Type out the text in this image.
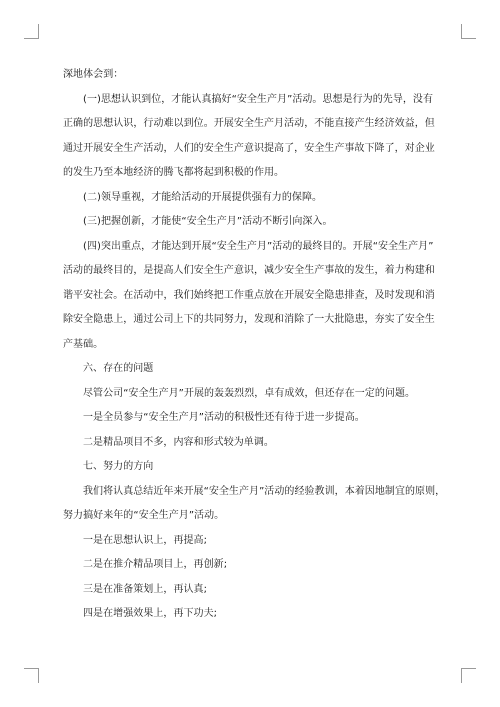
深地体会到：

(一)思想认识到位，才能认真搞好“安全生产月”活动。思想是行为的先导，没有

正确的思想认识，行动难以到位。开展安全生产月活动，不能直接产生经济效益，但

通过开展安全生产活动，人们的安全生产意识提高了，安全生产事故下降了，对企业

的发生乃至本地经济的腾飞都将起到积极的作用。

(二)领导重视，才能给活动的开展提供强有力的保障。

(三)把握创新，才能使“安全生产月”活动不断引向深入。

(四)突出重点，才能达到开展“安全生产月”活动的最终目的。开展“安全生产月”

活动的最终目的，是提高人们安全生产意识，减少安全生产事故的发生，着力构建和

谐平安社会。在活动中，我们始终把工作重点放在开展安全隐患排查，及时发现和消

除安全隐患上，通过公司上下的共同努力，发现和消除了一大批隐患，夯实了安全生

产基础。

六、存在的问题

尽管公司“安全生产月”开展的轰轰烈烈，卓有成效，但还存在一定的问题。

一是全员参与“安全生产月”活动的积极性还有待于进一步提高。

二是精品项目不多，内容和形式较为单调。

七、努力的方向

我们将认真总结近年来开展“安全生产月”活动的经验教训，本着因地制宜的原则，

努力搞好来年的“安全生产月”活动。

一是在思想认识上，再提高;

二是在推介精品项目上，再创新;

三是在准备策划上，再认真;

四是在增强效果上，再下功夫;
